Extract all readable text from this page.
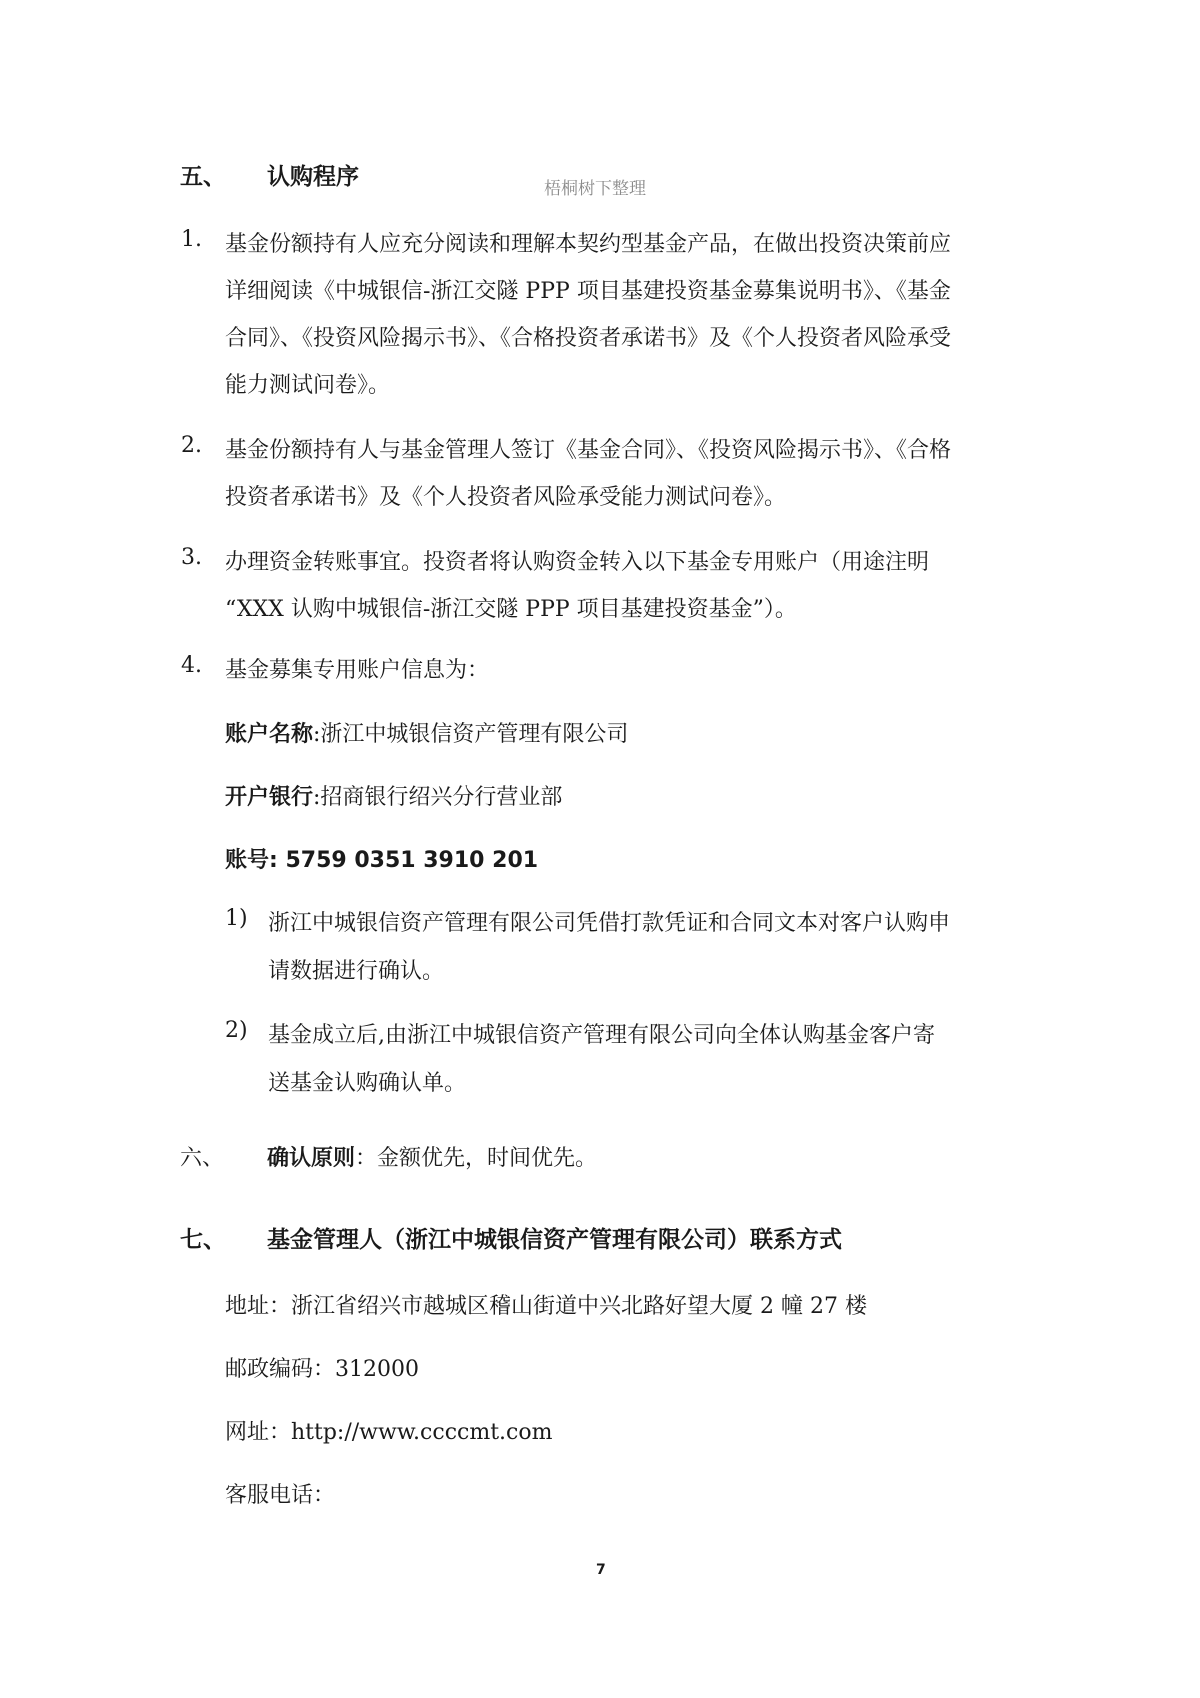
五、 认购程序	梧桐树下整理
1. 基金份额持有人应充分阅读和理解本契约型基金产品，在做出投资决策前应
详细阅读《中城银信-浙江交隧 PPP 项目基建投资基金募集说明书》、《基金
合同》、《投资风险揭示书》、《合格投资者承诺书》及《个人投资者风险承受
能力测试问卷》。
2. 基金份额持有人与基金管理人签订《基金合同》、《投资风险揭示书》、《合格
投资者承诺书》及《个人投资者风险承受能力测试问卷》。
3. 办理资金转账事宜。投资者将认购资金转入以下基金专用账户（用途注明
“XXX 认购中城银信-浙江交隧 PPP 项目基建投资基金”）。
4. 基金募集专用账户信息为：
账户名称:浙江中城银信资产管理有限公司
开户银行:招商银行绍兴分行营业部
账号: 5759 0351 3910 201
1) 浙江中城银信资产管理有限公司凭借打款凭证和合同文本对客户认购申
请数据进行确认。
2) 基金成立后,由浙江中城银信资产管理有限公司向全体认购基金客户寄
送基金认购确认单。
六、 确认原则：金额优先，时间优先。
七、 基金管理人（浙江中城银信资产管理有限公司）联系方式
地址：浙江省绍兴市越城区稽山街道中兴北路好望大厦 2 幢 27 楼
邮政编码：312000
网址：http://www.ccccmt.com
客服电话：
7
